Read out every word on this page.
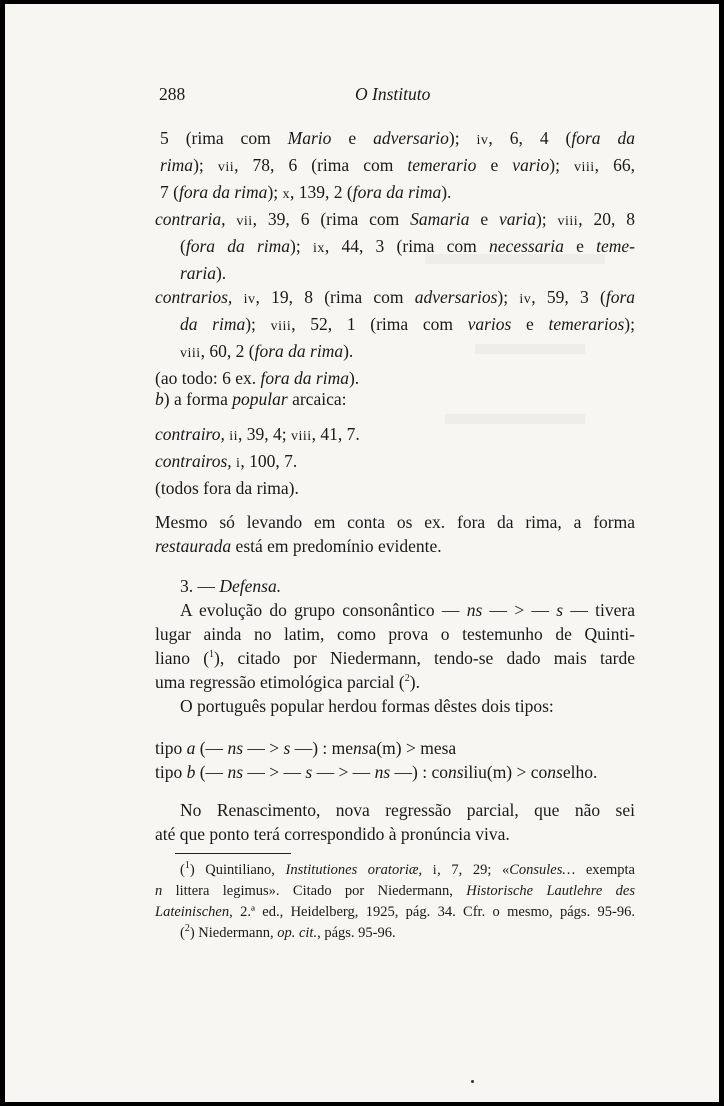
288	O Instituto
5 (rima com Mario e adversario); iv, 6, 4 (fora da
rima); vii, 78, 6 (rima com temerario e vario); viii, 66,
7 (fora da rima); x, 139, 2 (fora da rima).
contraria, vii, 39, 6 (rima com Samaria e varia); viii, 20, 8
(fora da rima); ix, 44, 3 (rima com necessaria e teme-
raria).
contrarios, iv, 19, 8 (rima com adversarios); iv, 59, 3 (fora
da rima); viii, 52, 1 (rima com varios e temerarios);
viii, 60, 2 (fora da rima).
(ao todo: 6 ex. fora da rima).
b) a forma popular arcaica:
contrairo, ii, 39, 4; viii, 41, 7.
contrairos, i, 100, 7.
(todos fora da rima).
Mesmo só levando em conta os ex. fora da rima, a forma
restaurada está em predomínio evidente.
3. — Defensa.
A evolução do grupo consonântico — ns — > — s — tivera
lugar ainda no latim, como prova o testemunho de Quinti-
liano ($^1$), citado por Niedermann, tendo-se dado mais tarde
uma regressão etimológica parcial ($^2$).
O português popular herdou formas dêstes dois tipos:
tipo a (— ns — > s —) : mensa(m) > mesa
tipo b (— ns — > — s — > — ns —) : consiliu(m) > conselho.
No Renascimento, nova regressão parcial, que não sei
até que ponto terá correspondido à pronúncia viva.
($^1$) Quintiliano, Institutiones oratoriæ, i, 7, 29; «Consules… exempta
n littera legimus». Citado por Niedermann, Historische Lautlehre des
Lateinischen, 2.ª ed., Heidelberg, 1925, pág. 34. Cfr. o mesmo, págs. 95-96.
($^2$) Niedermann, op. cit., págs. 95-96.
